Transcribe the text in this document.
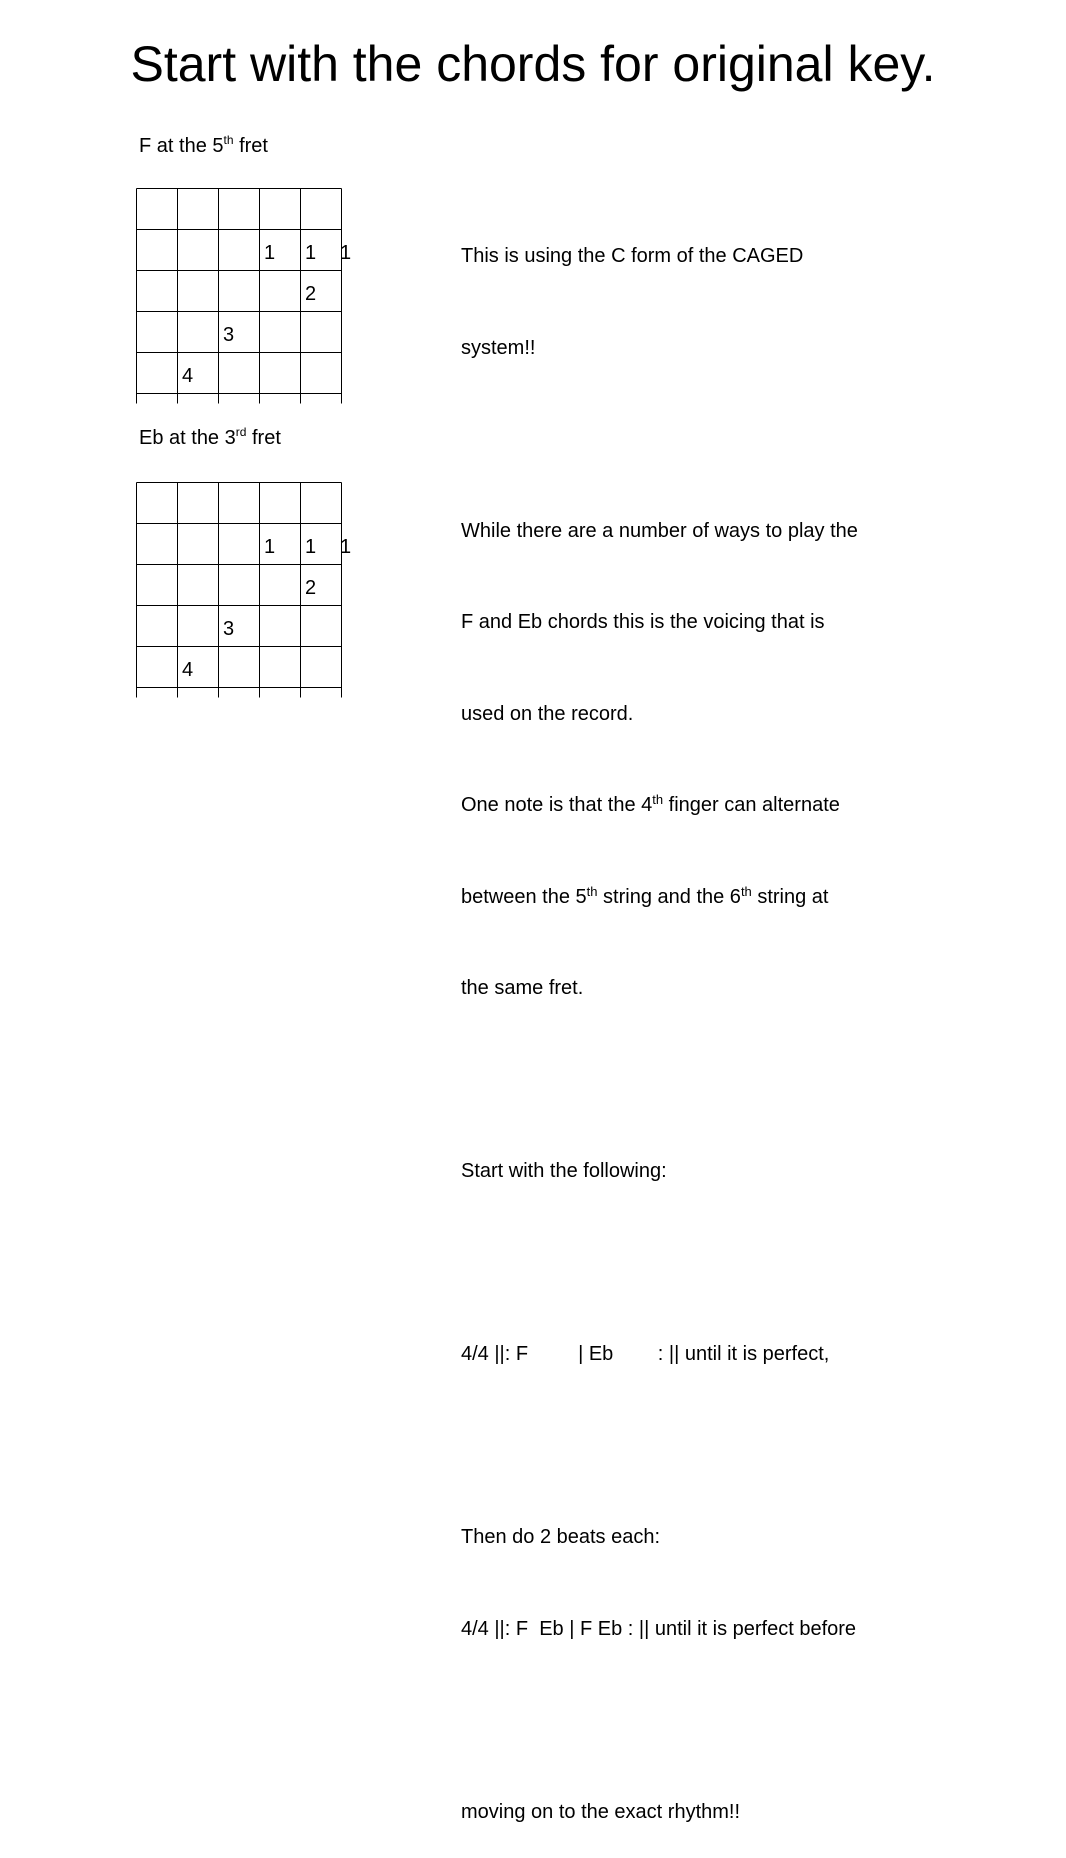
Start with the chords for original key.
F at the 5th fret
1 1 1
2
3
4
Eb at the 3rd fret
1 1 1
2
3
4

This is using the C form of the CAGED

system!!

While there are a number of ways to play the

F and Eb chords this is the voicing that is

used on the record.

One note is that the 4th finger can alternate

between the 5th string and the 6th string at

the same fret.

Start with the following:

4/4 ||: F         | Eb        : || until it is perfect,

Then do 2 beats each:

4/4 ||: F  Eb | F Eb : || until it is perfect before

moving on to the exact rhythm!!
